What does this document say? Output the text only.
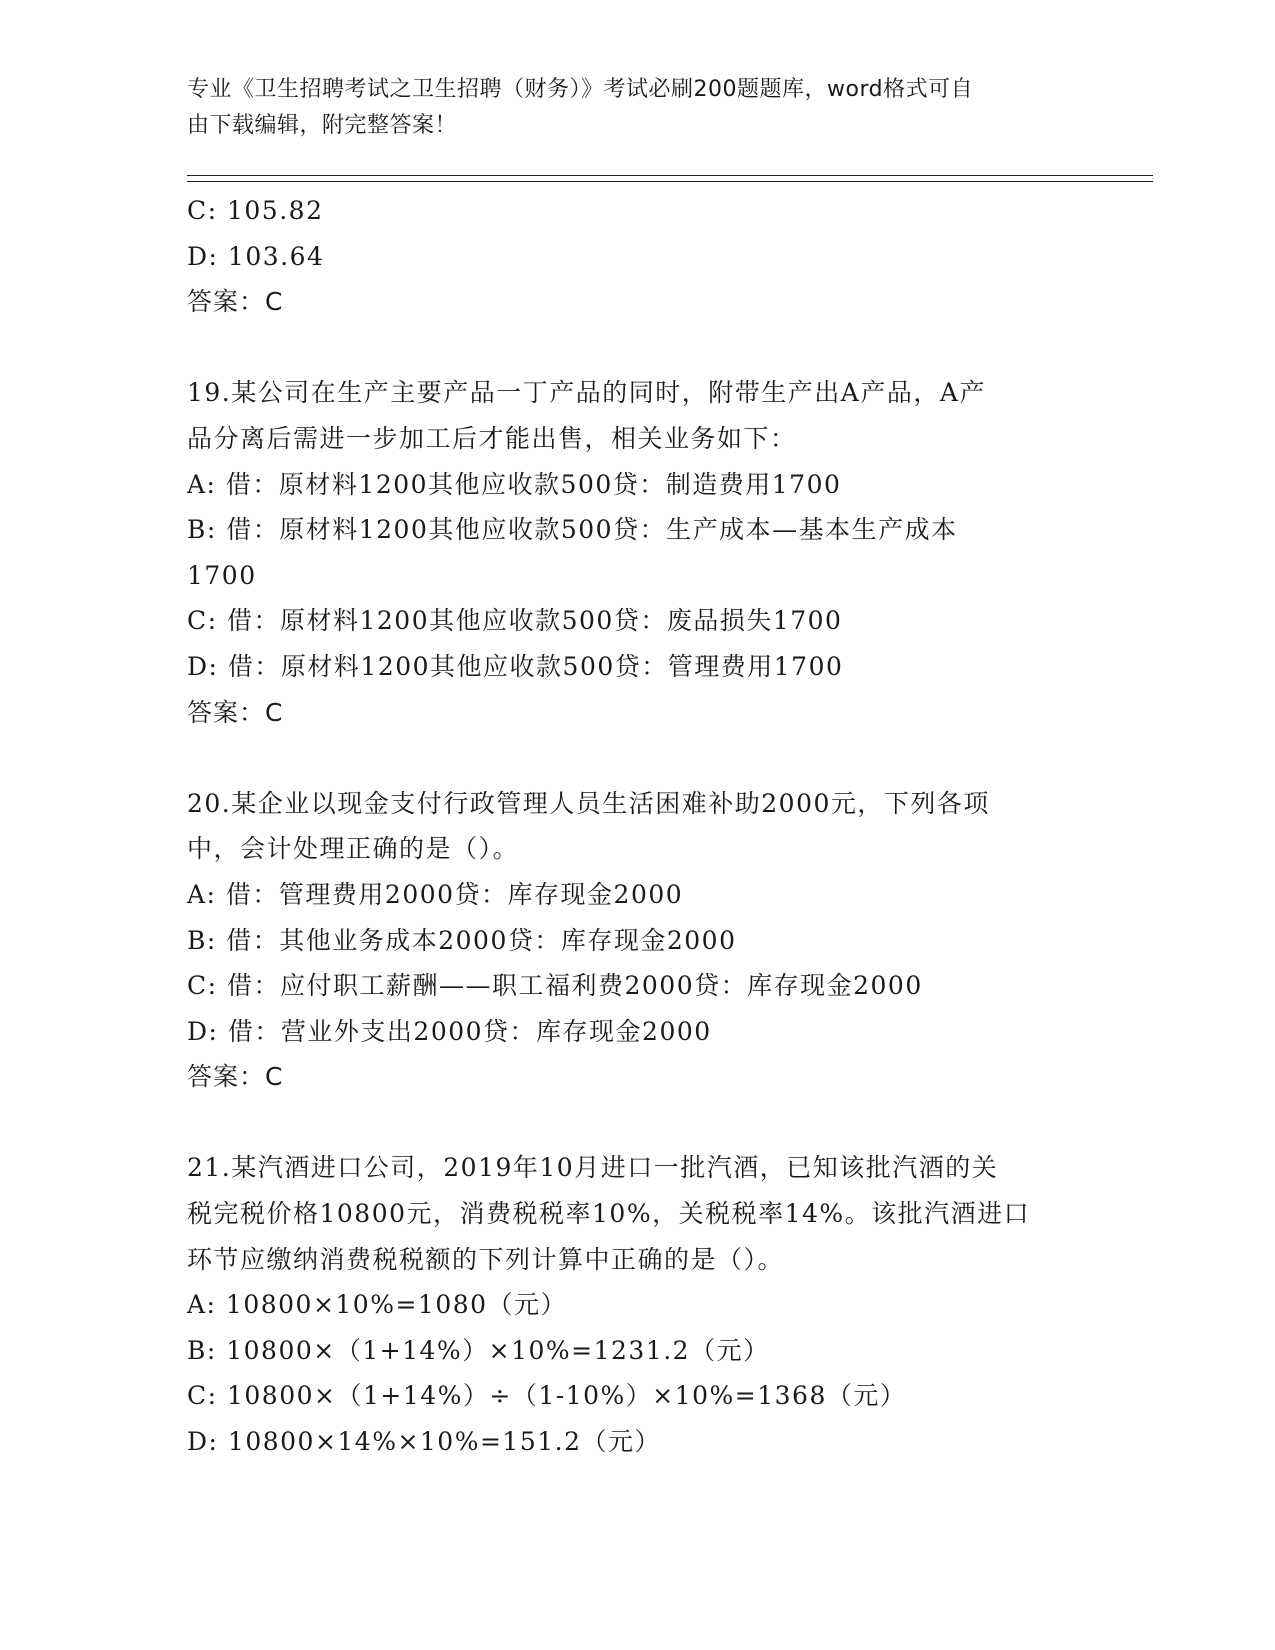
专业《卫生招聘考试之卫生招聘（财务）》考试必刷200题题库，word格式可自
由下载编辑，附完整答案！
C: 105.82
D: 103.64
答案：C
19.某公司在生产主要产品一丁产品的同时，附带生产出A产品，A产
品分离后需进一步加工后才能出售，相关业务如下：
A: 借：原材料1200其他应收款500贷：制造费用1700
B: 借：原材料1200其他应收款500贷：生产成本—基本生产成本
1700
C: 借：原材料1200其他应收款500贷：废品损失1700
D: 借：原材料1200其他应收款500贷：管理费用1700
答案：C
20.某企业以现金支付行政管理人员生活困难补助2000元，下列各项
中，会计处理正确的是（）。
A: 借：管理费用2000贷：库存现金2000
B: 借：其他业务成本2000贷：库存现金2000
C: 借：应付职工薪酬——职工福利费2000贷：库存现金2000
D: 借：营业外支出2000贷：库存现金2000
答案：C
21.某汽酒进口公司，2019年10月进口一批汽酒，已知该批汽酒的关
税完税价格10800元，消费税税率10%，关税税率14%。该批汽酒进口
环节应缴纳消费税税额的下列计算中正确的是（）。
A: 10800×10%=1080（元）
B: 10800×（1+14%）×10%=1231.2（元）
C: 10800×（1+14%）÷（1-10%）×10%=1368（元）
D: 10800×14%×10%=151.2（元）
